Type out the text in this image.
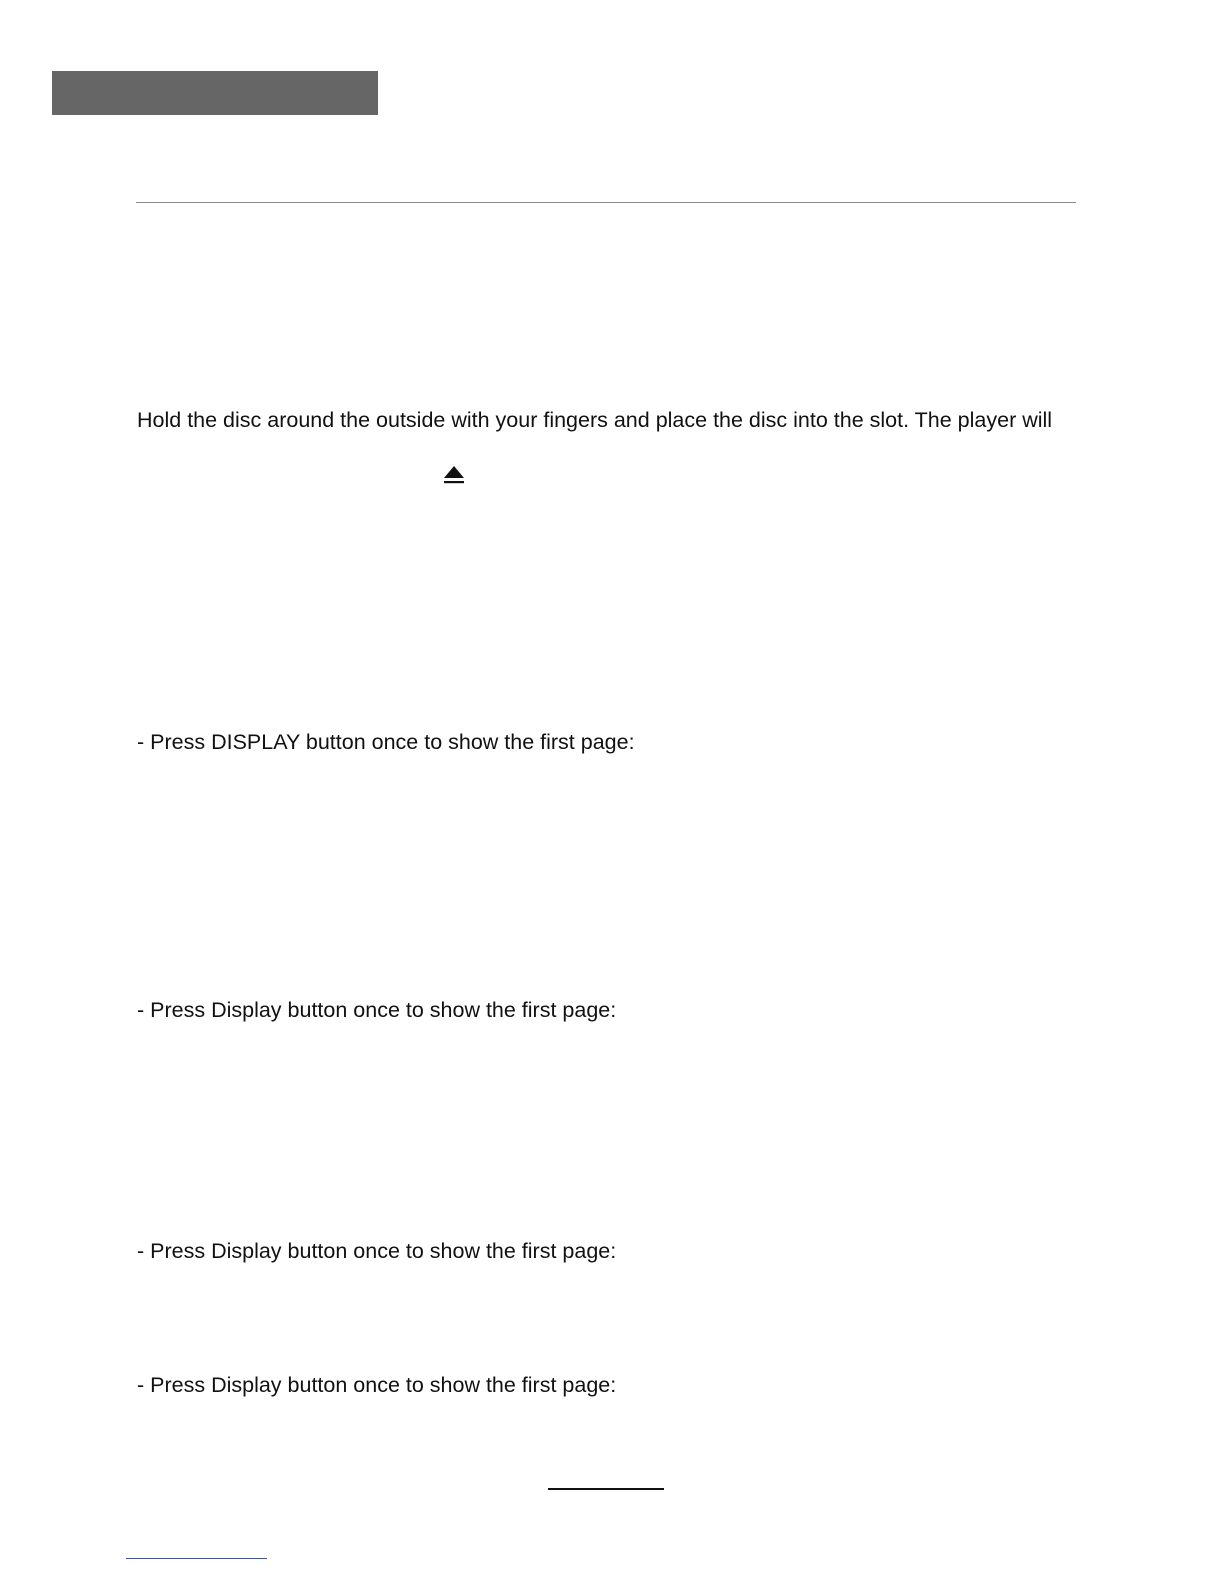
Hold the disc around the outside with your fingers and place the disc into the slot. The player will
- Press DISPLAY button once to show the first page:
- Press Display button once to show the first page:
- Press Display button once to show the first page:
- Press Display button once to show the first page:
